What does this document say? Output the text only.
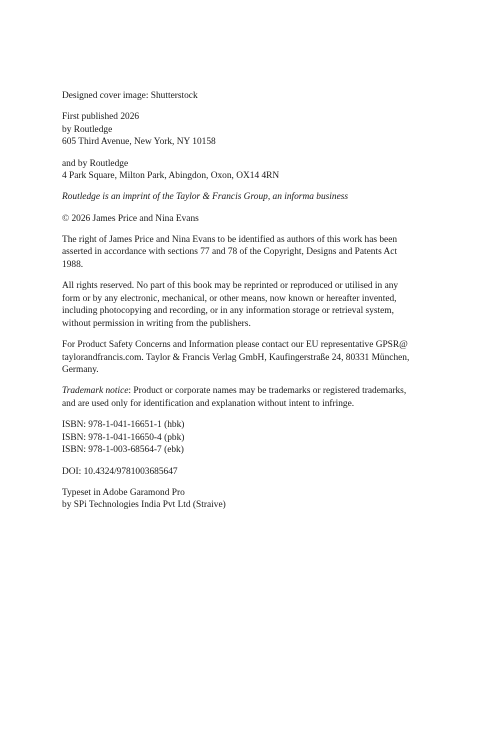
Designed cover image: Shutterstock
First published 2026
by Routledge
605 Third Avenue, New York, NY 10158
and by Routledge
4 Park Square, Milton Park, Abingdon, Oxon, OX14 4RN
Routledge is an imprint of the Taylor & Francis Group, an informa business
© 2026 James Price and Nina Evans
The right of James Price and Nina Evans to be identified as authors of this work has been
asserted in accordance with sections 77 and 78 of the Copyright, Designs and Patents Act
1988.
All rights reserved. No part of this book may be reprinted or reproduced or utilised in any
form or by any electronic, mechanical, or other means, now known or hereafter invented,
including photocopying and recording, or in any information storage or retrieval system,
without permission in writing from the publishers.
For Product Safety Concerns and Information please contact our EU representative GPSR@
taylorandfrancis.com. Taylor & Francis Verlag GmbH, Kaufingerstraße 24, 80331 München,
Germany.
Trademark notice: Product or corporate names may be trademarks or registered trademarks,
and are used only for identification and explanation without intent to infringe.
ISBN: 978-1-041-16651-1 (hbk)
ISBN: 978-1-041-16650-4 (pbk)
ISBN: 978-1-003-68564-7 (ebk)
DOI: 10.4324/9781003685647
Typeset in Adobe Garamond Pro
by SPi Technologies India Pvt Ltd (Straive)
